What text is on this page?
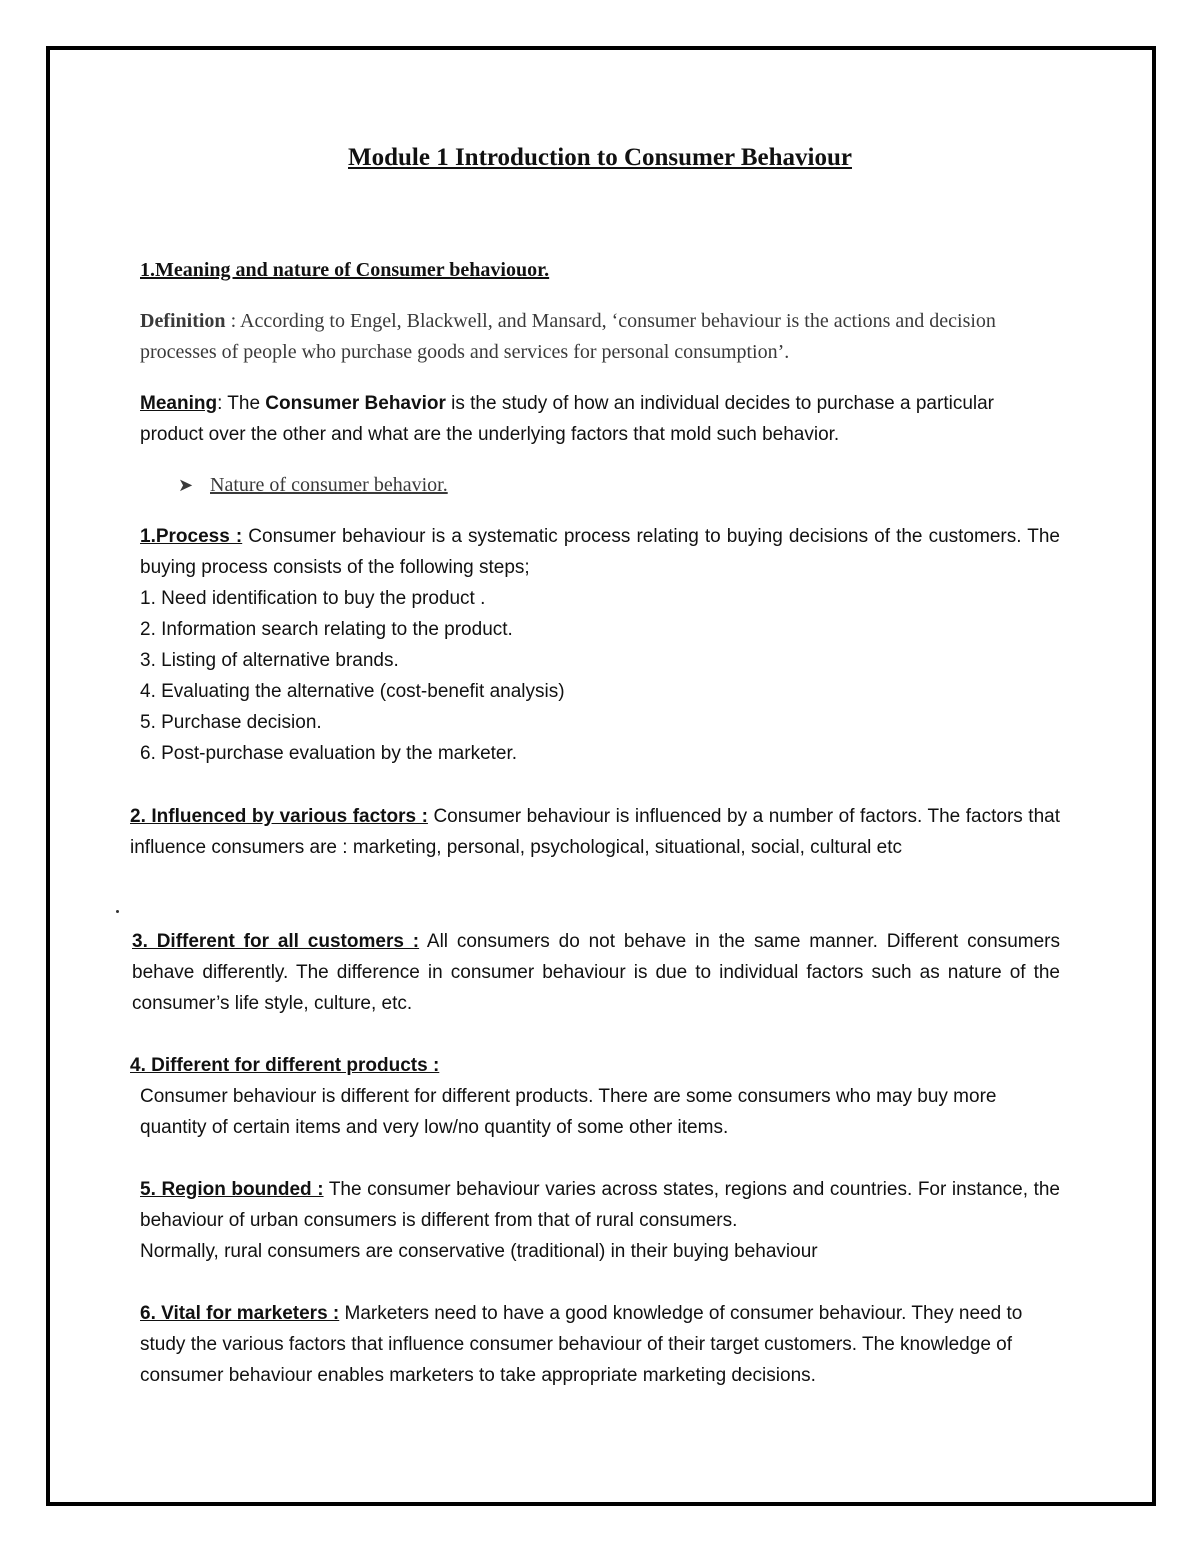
Module 1 Introduction to Consumer Behaviour
1.Meaning and nature of Consumer behaviouor.
Definition : According to Engel, Blackwell, and Mansard, ‘consumer behaviour is the actions and decision processes of people who purchase goods and services for personal consumption’.
Meaning: The Consumer Behavior is the study of how an individual decides to purchase a particular product over the other and what are the underlying factors that mold such behavior.
➤ Nature of consumer behavior.
1.Process : Consumer behaviour is a systematic process relating to buying decisions of the customers. The buying process consists of the following steps;
1. Need identification to buy the product .
2. Information search relating to the product.
3. Listing of alternative brands.
4. Evaluating the alternative (cost-benefit analysis)
5. Purchase decision.
6. Post-purchase evaluation by the marketer.
2. Influenced by various factors : Consumer behaviour is influenced by a number of factors. The factors that influence consumers are : marketing, personal, psychological, situational, social, cultural etc
3. Different for all customers : All consumers do not behave in the same manner. Different consumers behave differently. The difference in consumer behaviour is due to individual factors such as nature of the consumer’s life style, culture, etc.
4. Different for different products :
Consumer behaviour is different for different products. There are some consumers who may buy more quantity of certain items and very low/no quantity of some other items.
5. Region bounded : The consumer behaviour varies across states, regions and countries. For instance, the behaviour of urban consumers is different from that of rural consumers.
Normally, rural consumers are conservative (traditional) in their buying behaviour
6. Vital for marketers : Marketers need to have a good knowledge of consumer behaviour. They need to study the various factors that influence consumer behaviour of their target customers. The knowledge of consumer behaviour enables marketers to take appropriate marketing decisions.
